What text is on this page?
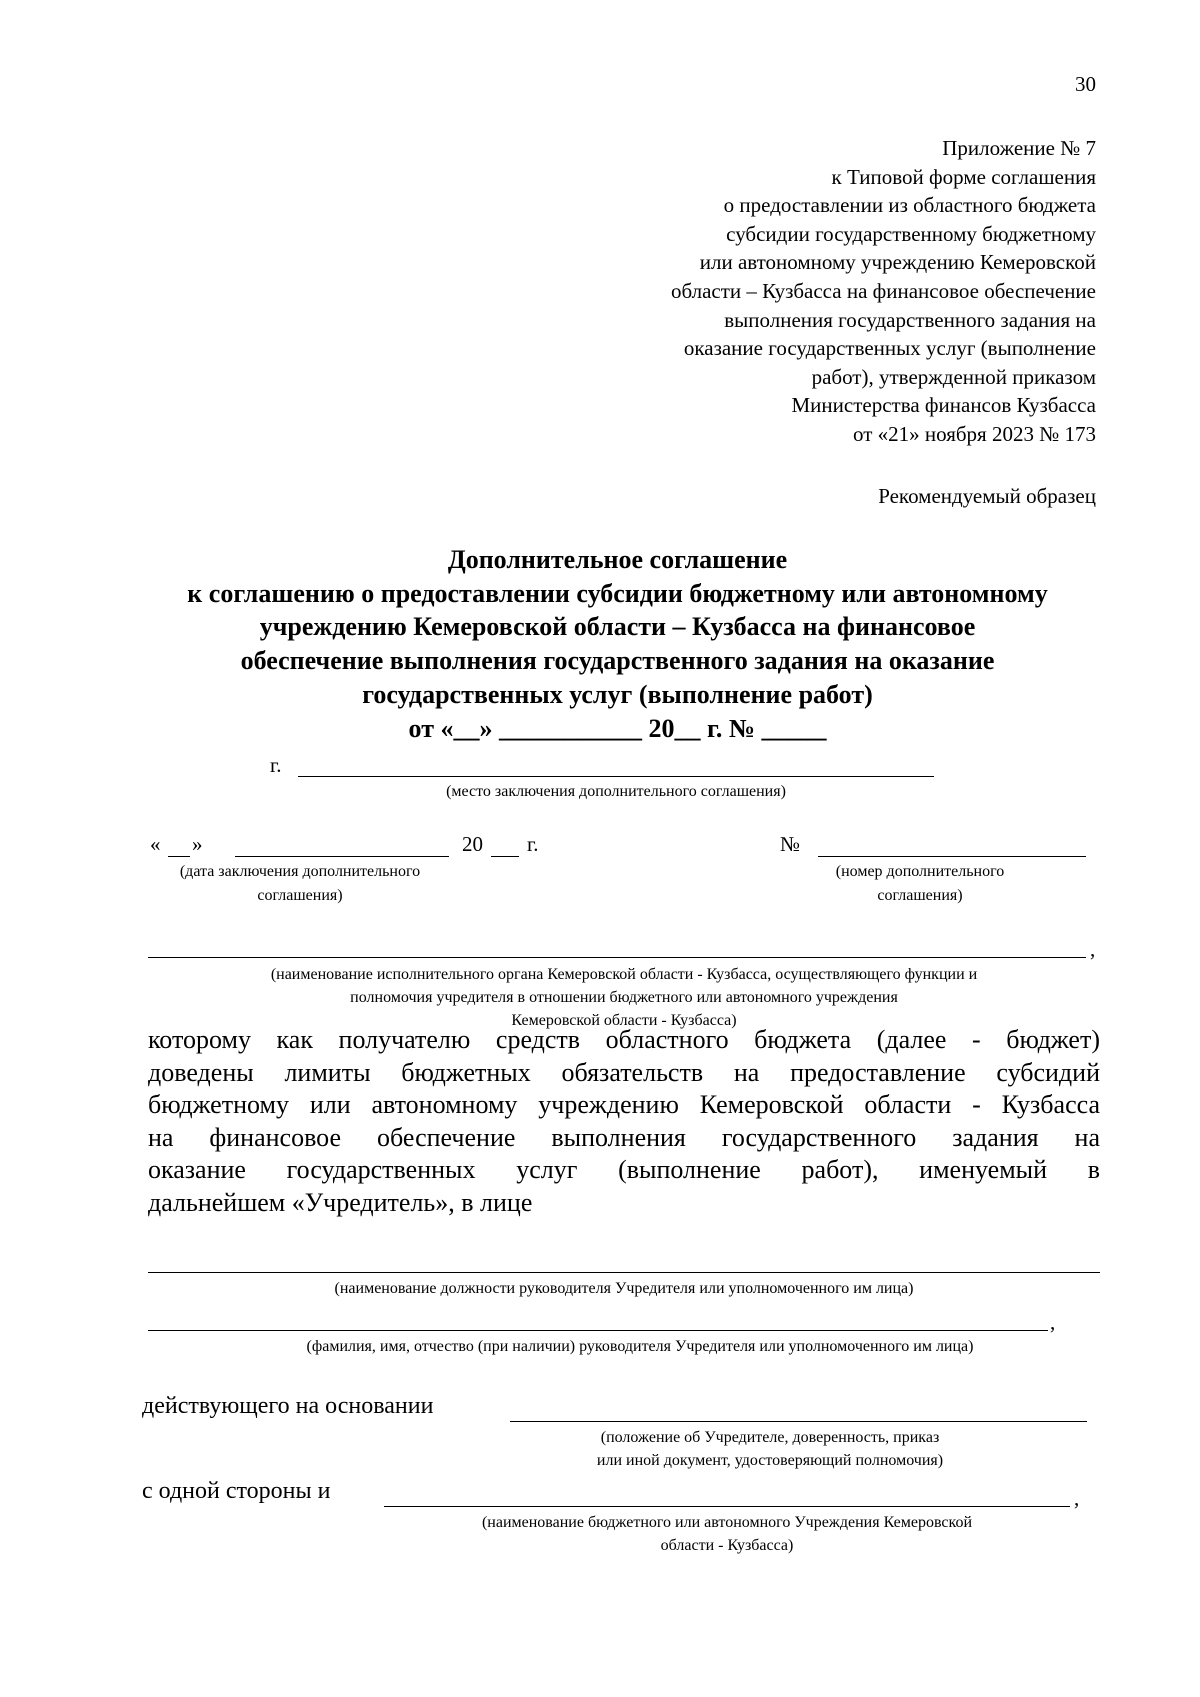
30
Приложение № 7
к Типовой форме соглашения
о предоставлении из областного бюджета
субсидии государственному бюджетному
или автономному учреждению Кемеровской
области – Кузбасса на финансовое обеспечение
выполнения государственного задания на
оказание государственных услуг (выполнение
работ), утвержденной приказом
Министерства финансов Кузбасса
от «21» ноября 2023 № 173
Рекомендуемый образец
Дополнительное соглашение
к соглашению о предоставлении субсидии бюджетному или автономному
учреждению Кемеровской области – Кузбасса на финансовое
обеспечение выполнения государственного задания на оказание
государственных услуг (выполнение работ)
от «__» ___________ 20__ г. № _____
г.
(место заключения дополнительного соглашения)
« »	20 г.
(дата заключения дополнительного
соглашения)
№
(номер дополнительного
соглашения)
,
(наименование исполнительного органа Кемеровской области - Кузбасса, осуществляющего функции и
полномочия учредителя в отношении бюджетного или автономного учреждения
Кемеровской области - Кузбасса)
которому как получателю средств областного бюджета (далее - бюджет)
доведены лимиты бюджетных обязательств на предоставление субсидий
бюджетному или автономному учреждению Кемеровской области - Кузбасса
на финансовое обеспечение выполнения государственного задания на
оказание государственных услуг (выполнение работ), именуемый в
дальнейшем «Учредитель», в лице
(наименование должности руководителя Учредителя или уполномоченного им лица)
,
(фамилия, имя, отчество (при наличии) руководителя Учредителя или уполномоченного им лица)
действующего на основании
(положение об Учредителе, доверенность, приказ
или иной документ, удостоверяющий полномочия)
с одной стороны и	,
(наименование бюджетного или автономного Учреждения Кемеровской
области - Кузбасса)
